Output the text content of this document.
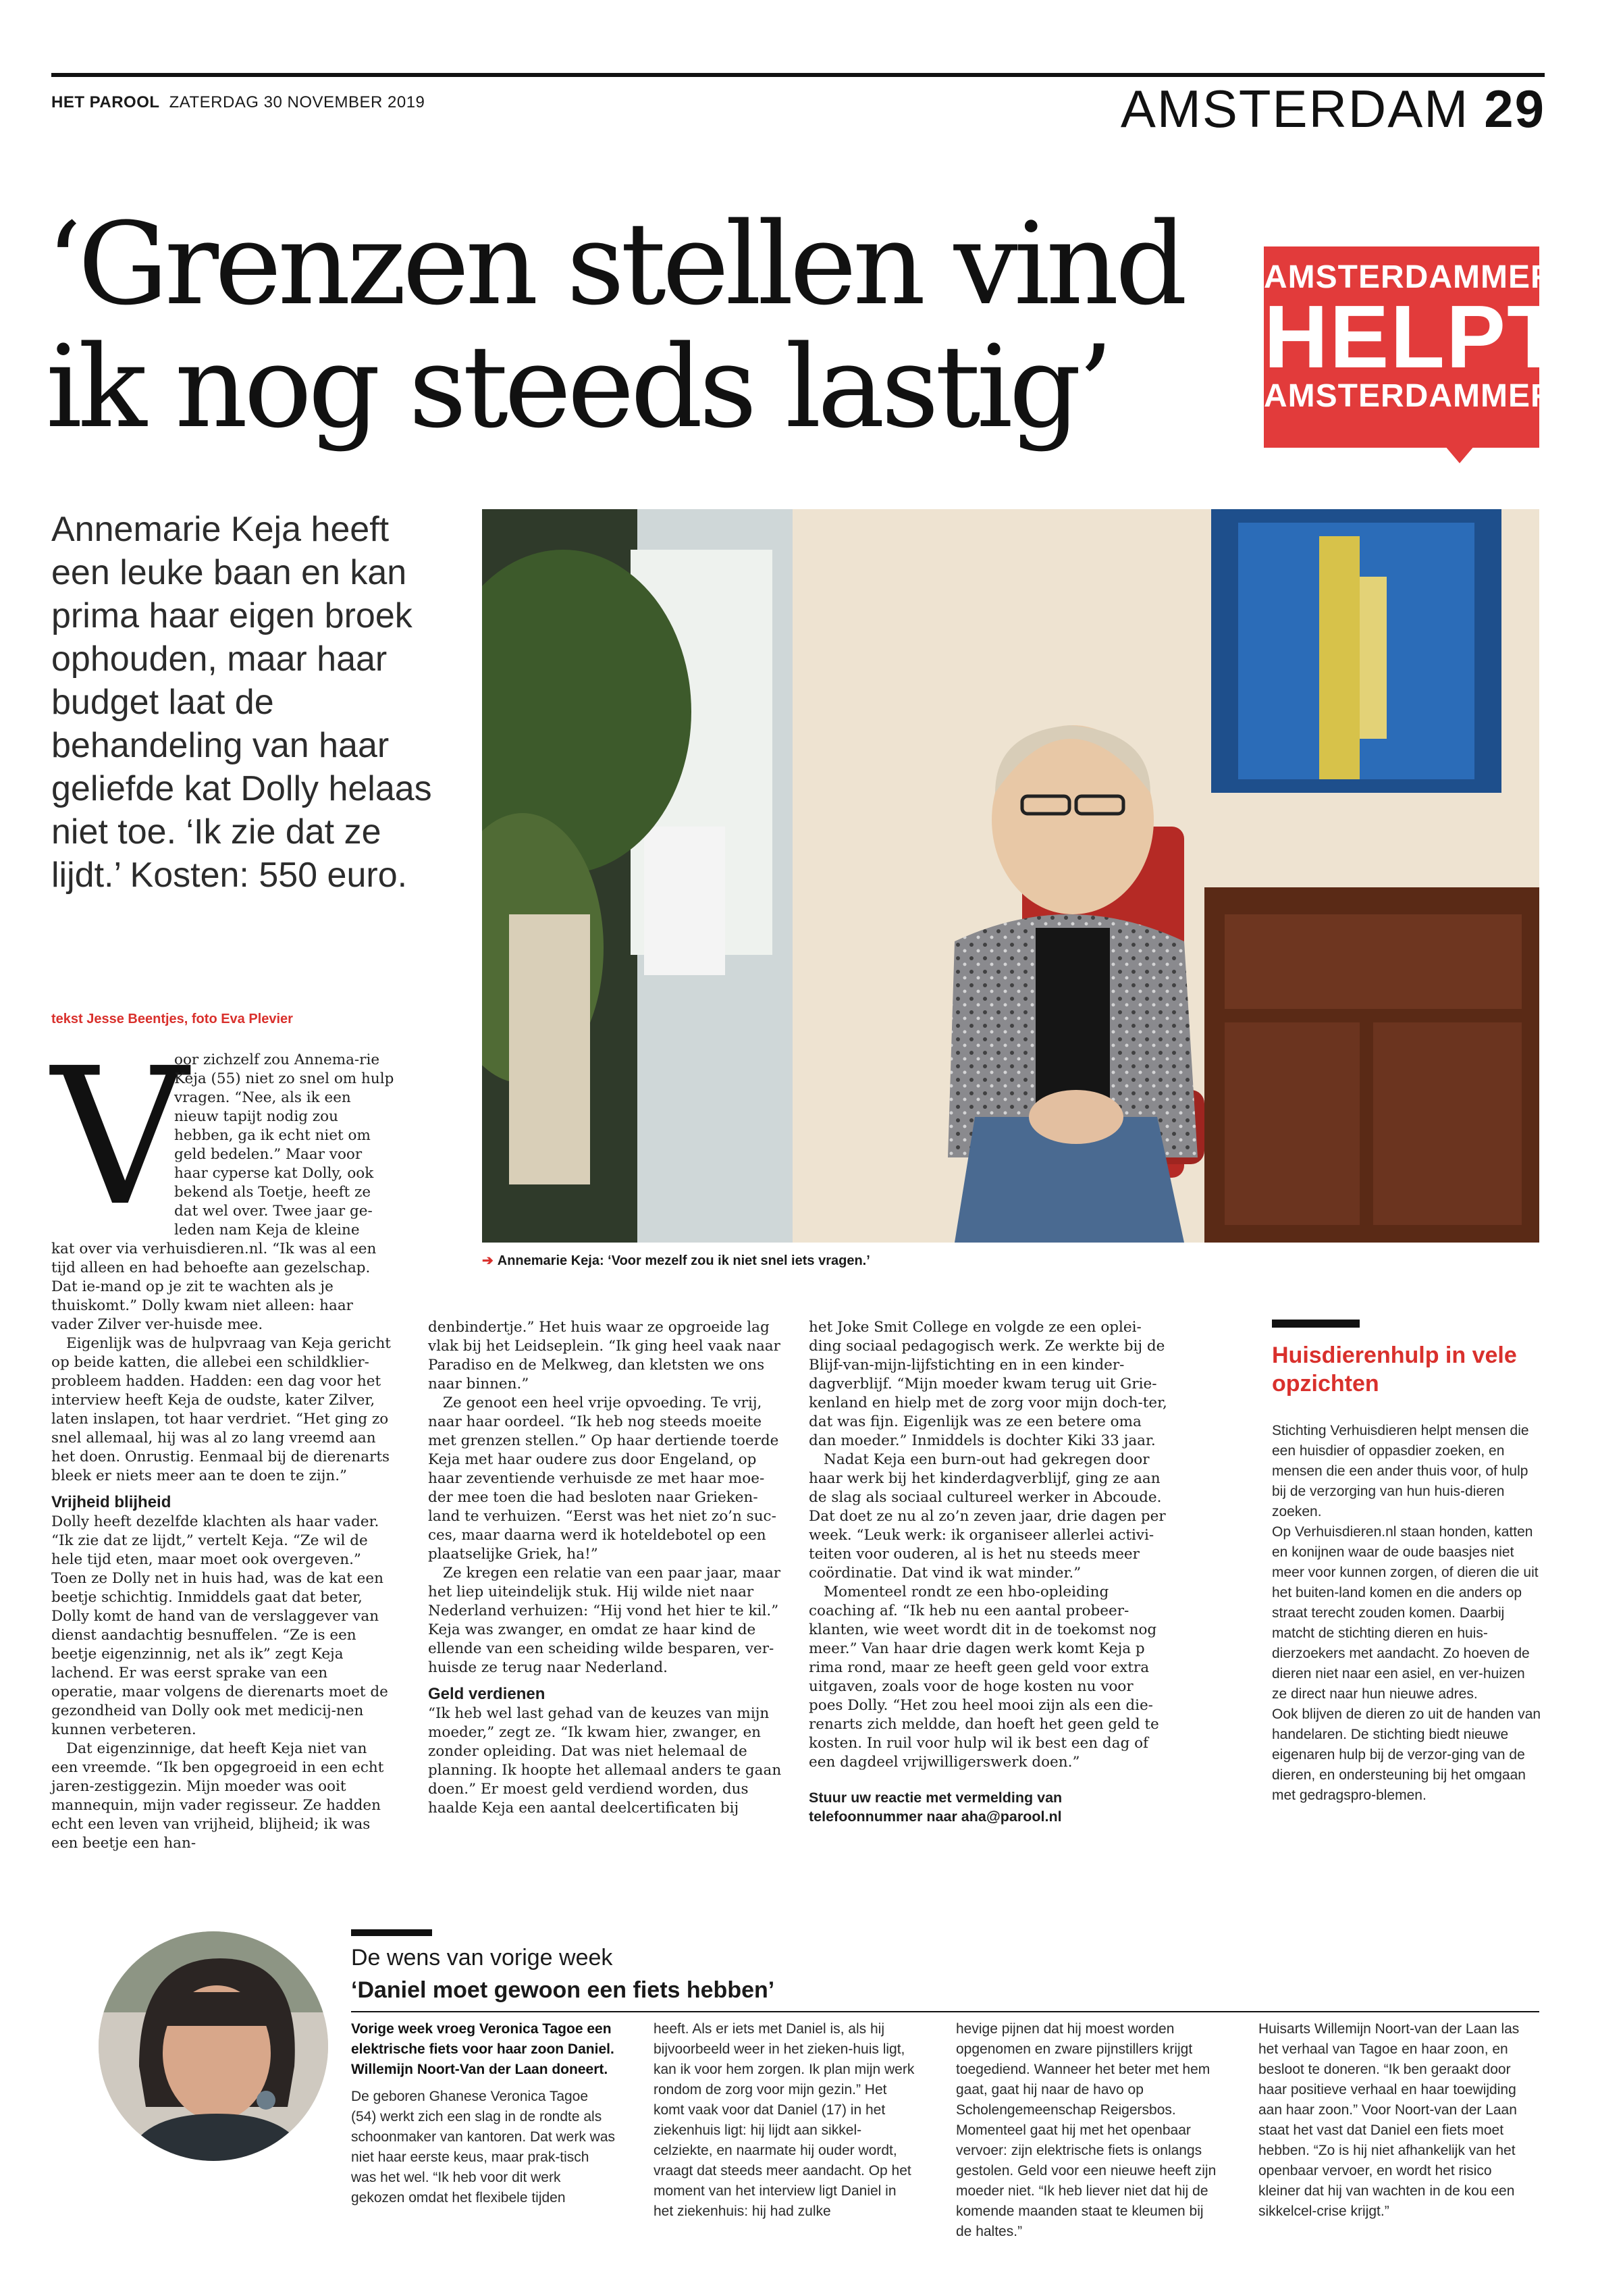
HET PAROOL ZATERDAG 30 NOVEMBER 2019	AMSTERDAM 29
‘Grenzen stellen vind
ik nog steeds lastig’
AMSTERDAMMER
HELPT
AMSTERDAMMER
Annemarie Keja heeft een leuke baan en kan prima haar eigen broek ophouden, maar haar budget laat de behandeling van haar geliefde kat Dolly helaas niet toe. ‘Ik zie dat ze lijdt.’ Kosten: 550 euro.
tekst Jesse Beentjes, foto Eva Plevier
➔ Annemarie Keja: ‘Voor mezelf zou ik niet snel iets vragen.’
V

oor zichzelf zou Annema-rie Keja (55) niet zo snel om hulp vragen. “Nee, als ik een nieuw tapijt nodig zou hebben, ga ik echt niet om geld bedelen.” Maar voor haar cyperse kat Dolly, ook bekend als Toetje, heeft ze dat wel over. Twee jaar ge-leden nam Keja de kleine

kat over via verhuisdieren.nl. “Ik was al een tijd alleen en had behoefte aan gezelschap. Dat ie-mand op je zit te wachten als je thuiskomt.” Dolly kwam niet alleen: haar vader Zilver ver-huisde mee.

Eigenlijk was de hulpvraag van Keja gericht op beide katten, die allebei een schildklier-probleem hadden. Hadden: een dag voor het interview heeft Keja de oudste, kater Zilver, laten inslapen, tot haar verdriet. “Het ging zo snel allemaal, hij was al zo lang vreemd aan het doen. Onrustig. Eenmaal bij de dierenarts bleek er niets meer aan te doen te zijn.”

Vrijheid blijheid

Dolly heeft dezelfde klachten als haar vader. “Ik zie dat ze lijdt,” vertelt Keja. “Ze wil de hele tijd eten, maar moet ook overgeven.” Toen ze Dolly net in huis had, was de kat een beetje schichtig. Inmiddels gaat dat beter, Dolly komt de hand van de verslaggever van dienst aandachtig besnuffelen. “Ze is een beetje eigenzinnig, net als ik” zegt Keja lachend. Er was eerst sprake van een operatie, maar volgens de dierenarts moet de gezondheid van Dolly ook met medicij-nen kunnen verbeteren.

Dat eigenzinnige, dat heeft Keja niet van een vreemde. “Ik ben opgegroeid in een echt jaren-zestiggezin. Mijn moeder was ooit mannequin, mijn vader regisseur. Ze hadden echt een leven van vrijheid, blijheid; ik was een beetje een han-

denbindertje.” Het huis waar ze opgroeide lag vlak bij het Leidseplein. “Ik ging heel vaak naar Paradiso en de Melkweg, dan kletsten we ons naar binnen.”

Ze genoot een heel vrije opvoeding. Te vrij, naar haar oordeel. “Ik heb nog steeds moeite met grenzen stellen.” Op haar dertiende toerde Keja met haar oudere zus door Engeland, op haar zeventiende verhuisde ze met haar moe-der mee toen die had besloten naar Grieken-land te verhuizen. “Eerst was het niet zo’n suc-ces, maar daarna werd ik hoteldebotel op een plaatselijke Griek, ha!”

Ze kregen een relatie van een paar jaar, maar het liep uiteindelijk stuk. Hij wilde niet naar Nederland verhuizen: “Hij vond het hier te kil.” Keja was zwanger, en omdat ze haar kind de ellende van een scheiding wilde besparen, ver-huisde ze terug naar Nederland.

Geld verdienen

“Ik heb wel last gehad van de keuzes van mijn moeder,” zegt ze. “Ik kwam hier, zwanger, en zonder opleiding. Dat was niet helemaal de planning. Ik hoopte het allemaal anders te gaan doen.” Er moest geld verdiend worden, dus haalde Keja een aantal deelcertificaten bij

het Joke Smit College en volgde ze een oplei-ding sociaal pedagogisch werk. Ze werkte bij de Blijf-van-mijn-lijfstichting en in een kinder-dagverblijf. “Mijn moeder kwam terug uit Grie-kenland en hielp met de zorg voor mijn doch-ter, dat was fijn. Eigenlijk was ze een betere oma dan moeder.” Inmiddels is dochter Kiki 33 jaar.

Nadat Keja een burn-out had gekregen door haar werk bij het kinderdagverblijf, ging ze aan de slag als sociaal cultureel werker in Abcoude. Dat doet ze nu al zo’n zeven jaar, drie dagen per week. “Leuk werk: ik organiseer allerlei activi-teiten voor ouderen, al is het nu steeds meer coördinatie. Dat vind ik wat minder.”

Momenteel rondt ze een hbo-opleiding coaching af. “Ik heb nu een aantal probeer-klanten, wie weet wordt dit in de toekomst nog meer.” Van haar drie dagen werk komt Keja p rima rond, maar ze heeft geen geld voor extra uitgaven, zoals voor de hoge kosten nu voor poes Dolly. “Het zou heel mooi zijn als een die-renarts zich meldde, dan hoeft het geen geld te kosten. In ruil voor hulp wil ik best een dag of een dagdeel vrijwilligerswerk doen.”

Stuur uw reactie met vermelding van telefoonnummer naar aha@parool.nl

Huisdierenhulp in vele opzichten

Stichting Verhuisdieren helpt mensen die een huisdier of oppasdier zoeken, en mensen die een ander thuis voor, of hulp bij de verzorging van hun huis-dieren zoeken.

Op Verhuisdieren.nl staan honden, katten en konijnen waar de oude baasjes niet meer voor kunnen zorgen, of dieren die uit het buiten-land komen en die anders op straat terecht zouden komen. Daarbij matcht de stichting dieren en huis-dierzoekers met aandacht. Zo hoeven de dieren niet naar een asiel, en ver-huizen ze direct naar hun nieuwe adres.

Ook blijven de dieren zo uit de handen van handelaren. De stichting biedt nieuwe eigenaren hulp bij de verzor-ging van de dieren, en ondersteuning bij het omgaan met gedragspro-blemen.

De wens van vorige week
‘Daniel moet gewoon een fiets hebben’

Vorige week vroeg Veronica Tagoe een elektrische fiets voor haar zoon Daniel. Willemijn Noort-Van der Laan doneert.

De geboren Ghanese Veronica Tagoe (54) werkt zich een slag in de rondte als schoonmaker van kantoren. Dat werk was niet haar eerste keus, maar prak-tisch was het wel. “Ik heb voor dit werk gekozen omdat het flexibele tijden

heeft. Als er iets met Daniel is, als hij bijvoorbeeld weer in het zieken-huis ligt, kan ik voor hem zorgen. Ik plan mijn werk rondom de zorg voor mijn gezin.” Het komt vaak voor dat Daniel (17) in het ziekenhuis ligt: hij lijdt aan sikkel-celziekte, en naarmate hij ouder wordt, vraagt dat steeds meer aandacht. Op het moment van het interview ligt Daniel in het ziekenhuis: hij had zulke

hevige pijnen dat hij moest worden opgenomen en zware pijnstillers krijgt toegediend. Wanneer het beter met hem gaat, gaat hij naar de havo op Scholengemeenschap Reigersbos. Momenteel gaat hij met het openbaar vervoer: zijn elektrische fiets is onlangs gestolen. Geld voor een nieuwe heeft zijn moeder niet. “Ik heb liever niet dat hij de komende maanden staat te kleumen bij de haltes.”

Huisarts Willemijn Noort-van der Laan las het verhaal van Tagoe en haar zoon, en besloot te doneren. “Ik ben geraakt door haar positieve verhaal en haar toewijding aan haar zoon.” Voor Noort-van der Laan staat het vast dat Daniel een fiets moet hebben. “Zo is hij niet afhankelijk van het openbaar vervoer, en wordt het risico kleiner dat hij van wachten in de kou een sikkelcel-crise krijgt.”
